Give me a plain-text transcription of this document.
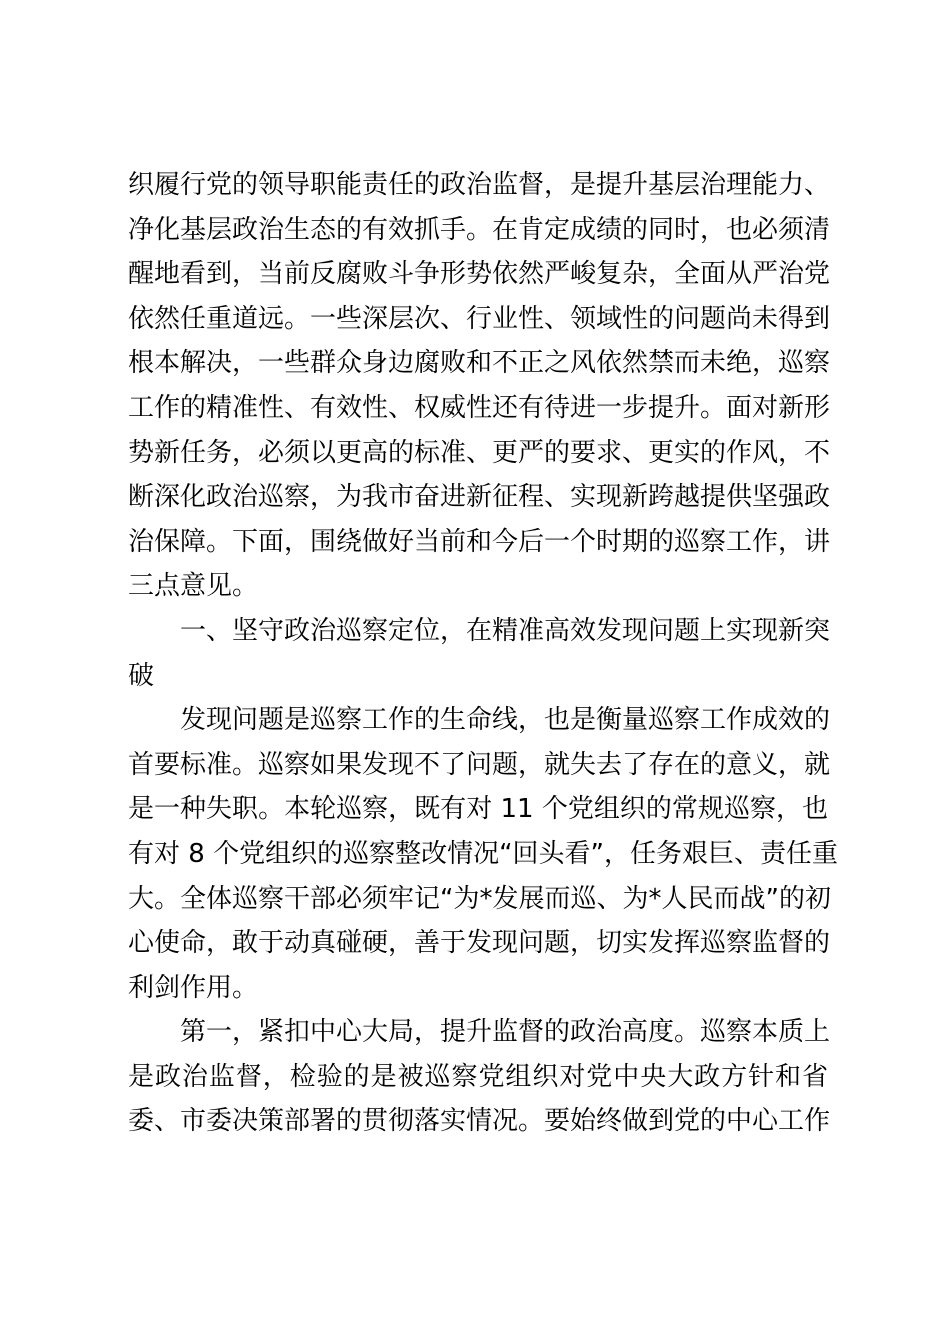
织履行党的领导职能责任的政治监督，是提升基层治理能力、
净化基层政治生态的有效抓手。在肯定成绩的同时，也必须清
醒地看到，当前反腐败斗争形势依然严峻复杂，全面从严治党
依然任重道远。一些深层次、行业性、领域性的问题尚未得到
根本解决，一些群众身边腐败和不正之风依然禁而未绝，巡察
工作的精准性、有效性、权威性还有待进一步提升。面对新形
势新任务，必须以更高的标准、更严的要求、更实的作风，不
断深化政治巡察，为我市奋进新征程、实现新跨越提供坚强政
治保障。下面，围绕做好当前和今后一个时期的巡察工作，讲
三点意见。
一、坚守政治巡察定位，在精准高效发现问题上实现新突
破
发现问题是巡察工作的生命线，也是衡量巡察工作成效的
首要标准。巡察如果发现不了问题，就失去了存在的意义，就
是一种失职。本轮巡察，既有对 11 个党组织的常规巡察，也
有对 8 个党组织的巡察整改情况“回头看”，任务艰巨、责任重
大。全体巡察干部必须牢记“为*发展而巡、为*人民而战”的初
心使命，敢于动真碰硬，善于发现问题，切实发挥巡察监督的
利剑作用。
第一，紧扣中心大局，提升监督的政治高度。巡察本质上
是政治监督，检验的是被巡察党组织对党中央大政方针和省
委、市委决策部署的贯彻落实情况。要始终做到党的中心工作
